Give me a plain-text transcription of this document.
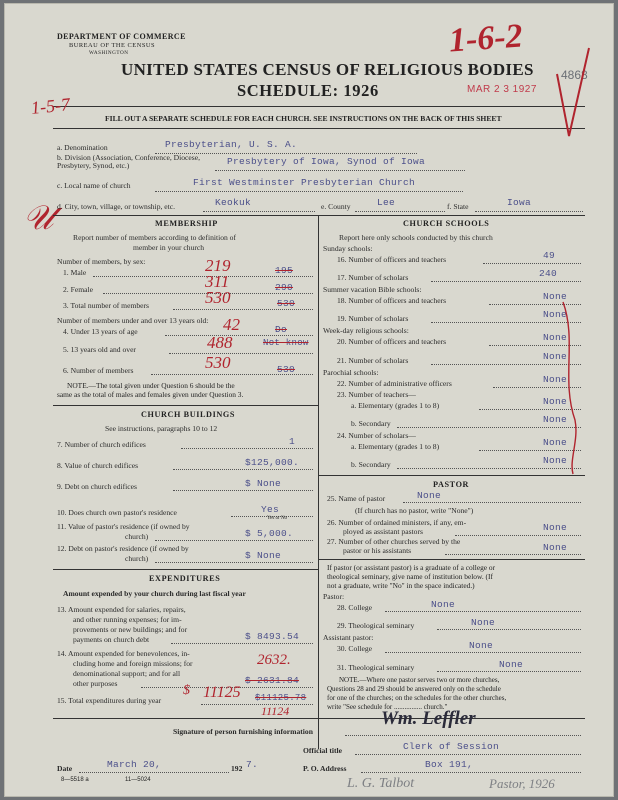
DEPARTMENT OF COMMERCE
BUREAU OF THE CENSUS
WASHINGTON
UNITED STATES CENSUS OF RELIGIOUS BODIES
SCHEDULE: 1926
FILL OUT A SEPARATE SCHEDULE FOR EACH CHURCH. SEE INSTRUCTIONS ON THE BACK OF THIS SHEET
1-6-2
MAR 2 3 1927
4868
1-5-7
𝒰
a. Denomination	Presbyterian, U. S. A.
b. Division (Association, Conference, Diocese, Presbytery, Synod, etc.)	Presbytery of Iowa, Synod of Iowa
c. Local name of church	First Westminster Presbyterian Church
d. City, town, village, or township, etc.	Keokuk	e. County	Lee	f. State	Iowa
MEMBERSHIP
Report number of members according to definition of
member in your church
Number of members, by sex:
1. Male	219	195
2. Female	311	290
3. Total number of members	530	530
Number of members under and over 13 years old:
4. Under 13 years of age	42	Do
5. 13 years old and over	488	Not know
6. Number of members	530	530
NOTE.—The total given under Question 6 should be the
same as the total of males and females given under Question 3.
CHURCH BUILDINGS
See instructions, paragraphs 10 to 12
7. Number of church edifices	1
8. Value of church edifices	$125,000.
9. Debt on church edifices	$ None
10. Does church own pastor's residence	Yes
Yes or No
11. Value of pastor's residence (if owned by
church)	$ 5,000.
12. Debt on pastor's residence (if owned by
church)	$ None
EXPENDITURES
Amount expended by your church during last fiscal year
13. Amount expended for salaries, repairs,
and other running expenses; for im-
provements or new buildings; and for
payments on church debt	$ 8493.54
14. Amount expended for benevolences, in-
cluding home and foreign missions; for
denominational support; and for all
other purposes
2632.
$ 2631.84
15. Total expenditures during year	11125 $11125.78
11124
$
CHURCH SCHOOLS
Report here only schools conducted by this church
Sunday schools:
16. Number of officers and teachers	49
17. Number of scholars	240
Summer vacation Bible schools:
18. Number of officers and teachers	None
19. Number of scholars	None
Week-day religious schools:
20. Number of officers and teachers	None
21. Number of scholars	None
Parochial schools:
22. Number of administrative officers	None
23. Number of teachers—
a. Elementary (grades 1 to 8)	None
b. Secondary	None
24. Number of scholars—
a. Elementary (grades 1 to 8)	None
b. Secondary	None
PASTOR
25. Name of pastor	None
(If church has no pastor, write "None")
26. Number of ordained ministers, if any, em-
ployed as assistant pastors	None
27. Number of other churches served by the
pastor or his assistants	None
If pastor (or assistant pastor) is a graduate of a college or
theological seminary, give name of institution below. (If
not a graduate, write "No" in the space indicated.)
Pastor:
28. College	None
29. Theological seminary	None
Assistant pastor:
30. College	None
31. Theological seminary	None
NOTE.—Where one pastor serves two or more churches,
Questions 28 and 29 should be answered only on the schedule
for one of the churches; on the schedules for the other churches,
write "See schedule for ................ church."
Signature of person furnishing information
Wm. Leffler
Official title	Clerk of Session
Date	March 20,	192 7.	P. O. Address	Box 191,
8—5518 a	11—5024	L. G. Talbot	Pastor, 1926
